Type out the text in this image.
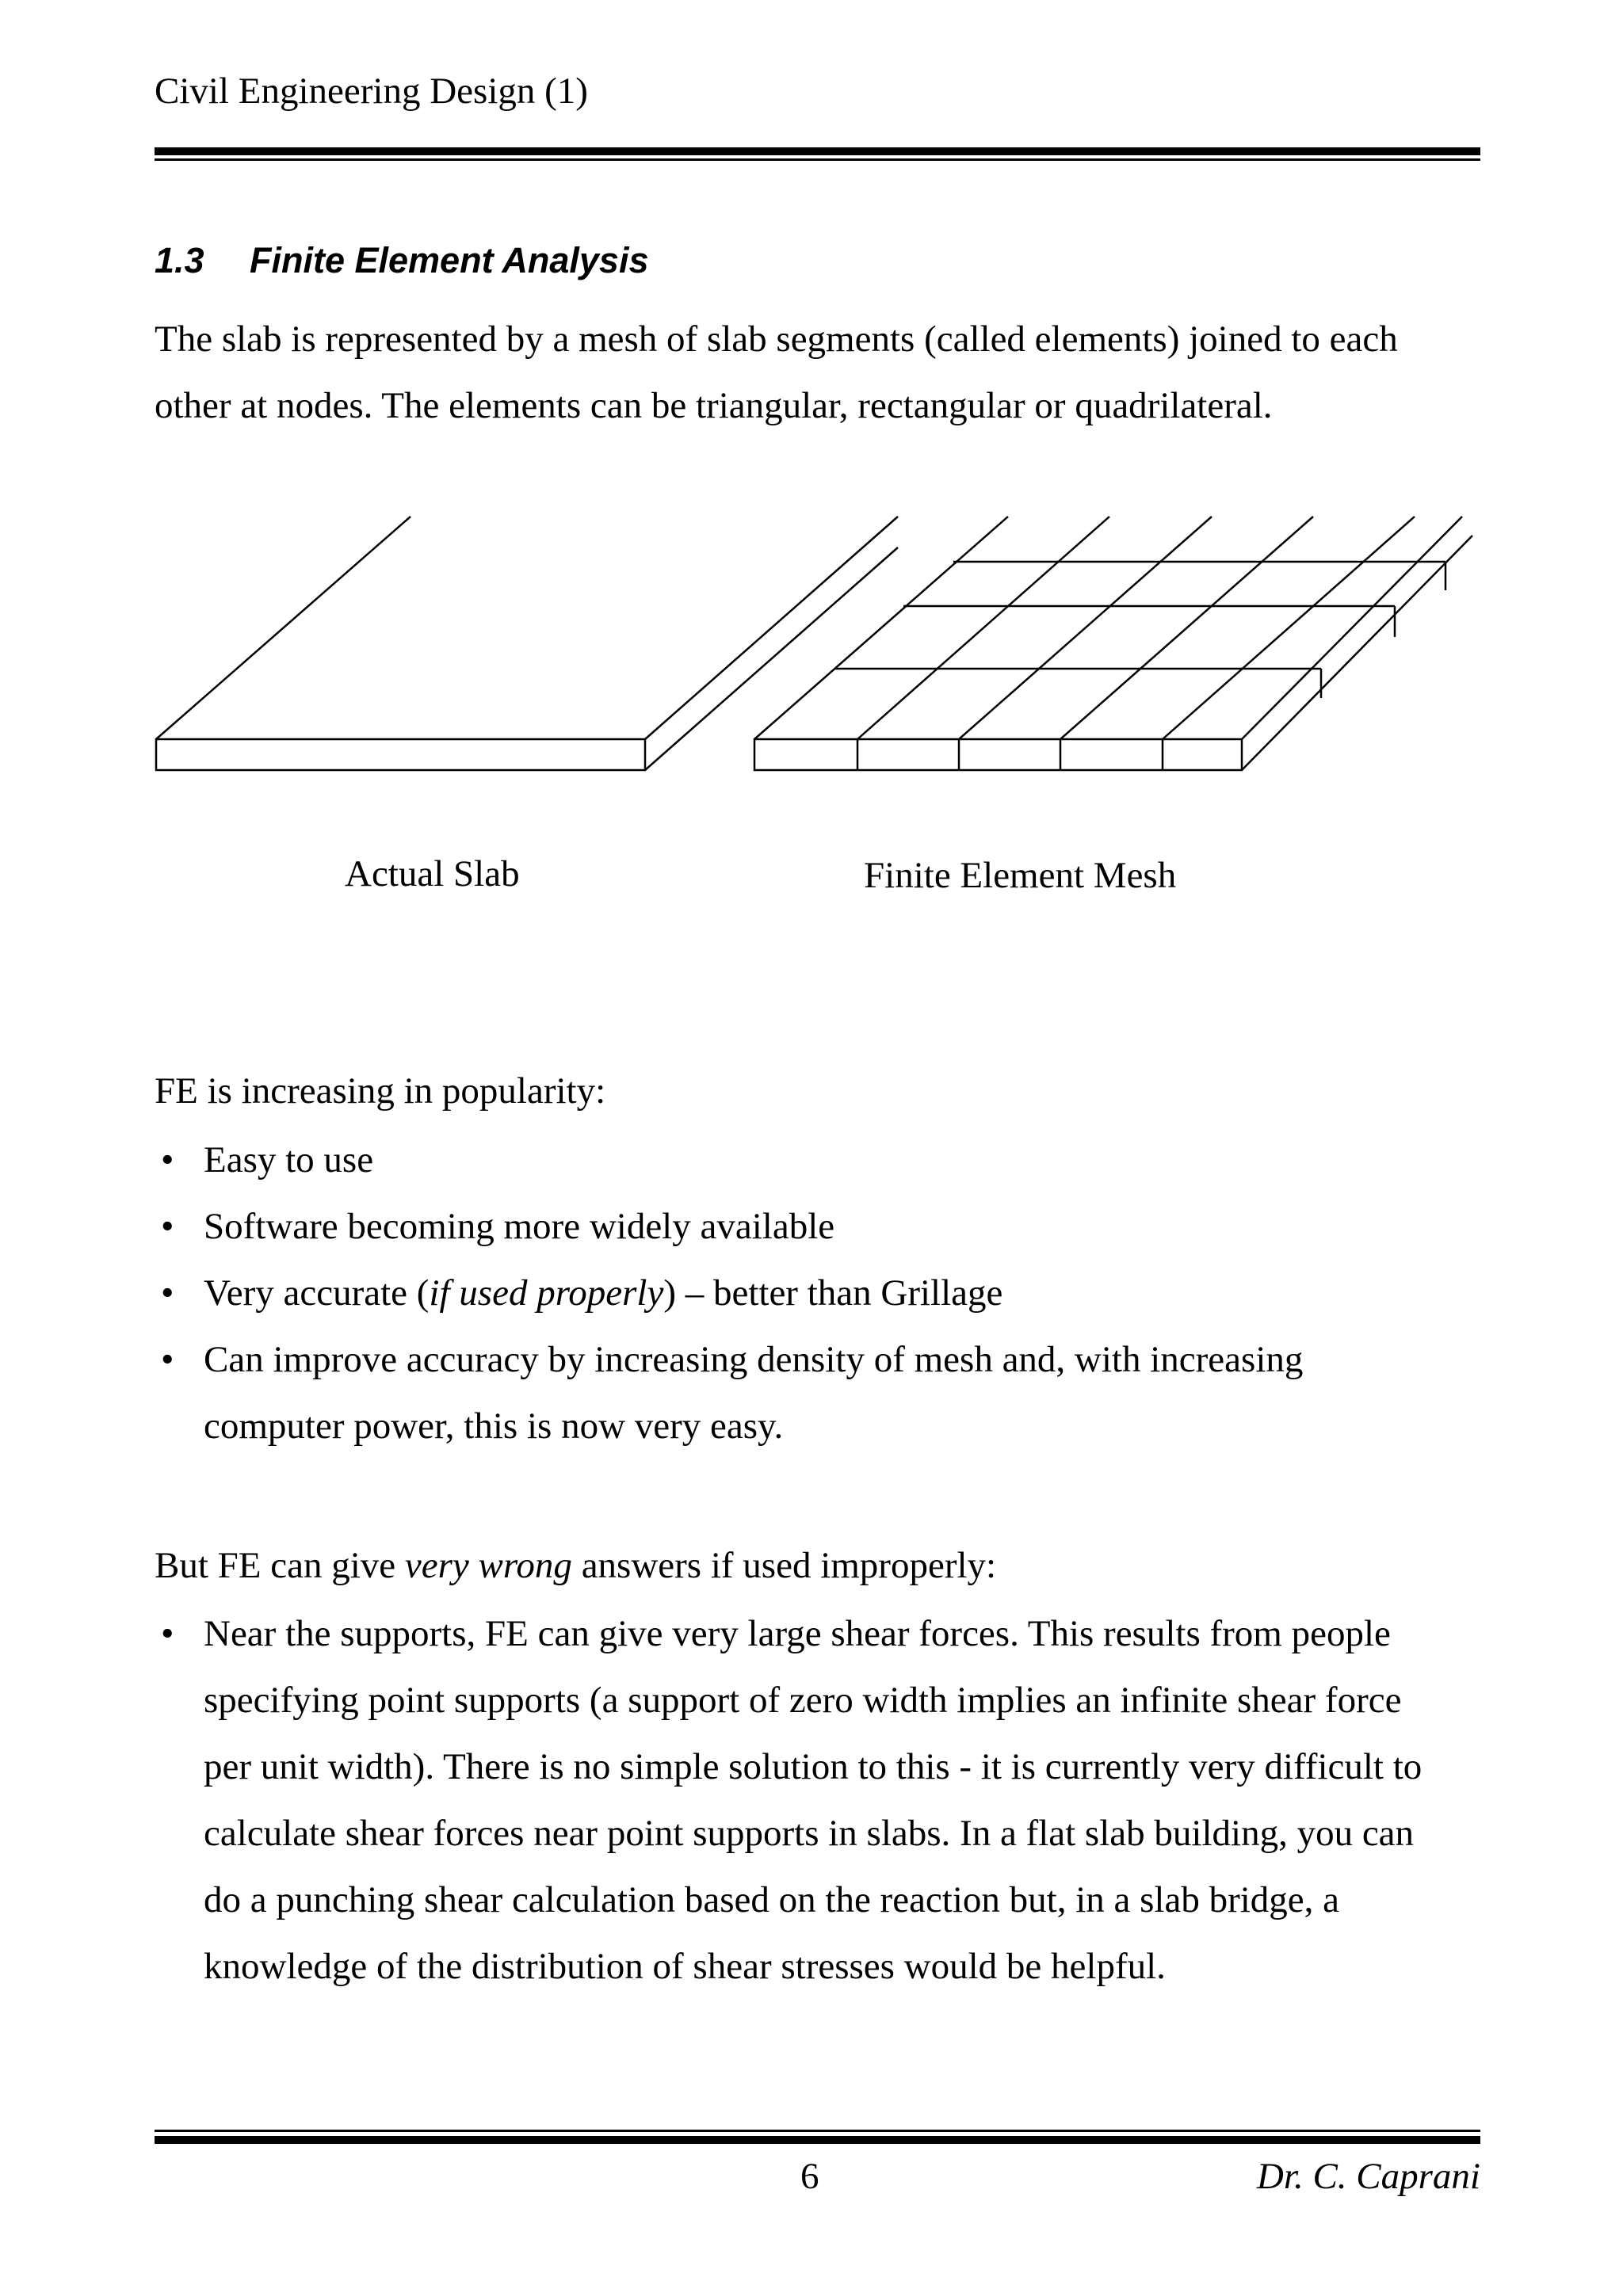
Civil Engineering Design (1)
1.3 Finite Element Analysis
The slab is represented by a mesh of slab segments (called elements) joined to each
other at nodes. The elements can be triangular, rectangular or quadrilateral.
Actual Slab	Finite Element Mesh
FE is increasing in popularity:
• Easy to use
• Software becoming more widely available
• Very accurate (if used properly) – better than Grillage
• Can improve accuracy by increasing density of mesh and, with increasing
computer power, this is now very easy.
But FE can give very wrong answers if used improperly:
• Near the supports, FE can give very large shear forces. This results from people
specifying point supports (a support of zero width implies an infinite shear force
per unit width). There is no simple solution to this - it is currently very difficult to
calculate shear forces near point supports in slabs. In a flat slab building, you can
do a punching shear calculation based on the reaction but, in a slab bridge, a
knowledge of the distribution of shear stresses would be helpful.
6	Dr. C. Caprani
